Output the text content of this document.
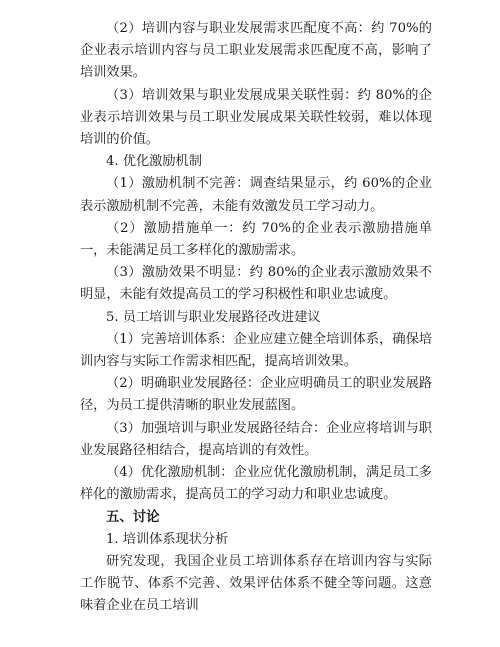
（2）培训内容与职业发展需求匹配度不高：约 70%的企业表示培训内容与员工职业发展需求匹配度不高，影响了培训效果。

（3）培训效果与职业发展成果关联性弱：约 80%的企业表示培训效果与员工职业发展成果关联性较弱，难以体现培训的价值。

4. 优化激励机制

（1）激励机制不完善：调查结果显示，约 60%的企业表示激励机制不完善，未能有效激发员工学习动力。

（2）激励措施单一：约 70%的企业表示激励措施单一，未能满足员工多样化的激励需求。

（3）激励效果不明显：约 80%的企业表示激励效果不明显，未能有效提高员工的学习积极性和职业忠诚度。

5. 员工培训与职业发展路径改进建议

（1）完善培训体系：企业应建立健全培训体系，确保培训内容与实际工作需求相匹配，提高培训效果。

（2）明确职业发展路径：企业应明确员工的职业发展路径，为员工提供清晰的职业发展蓝图。

（3）加强培训与职业发展路径结合：企业应将培训与职业发展路径相结合，提高培训的有效性。

（4）优化激励机制：企业应优化激励机制，满足员工多样化的激励需求，提高员工的学习动力和职业忠诚度。

五、讨论

1. 培训体系现状分析

研究发现，我国企业员工培训体系存在培训内容与实际工作脱节、体系不完善、效果评估体系不健全等问题。这意味着企业在员工培训
